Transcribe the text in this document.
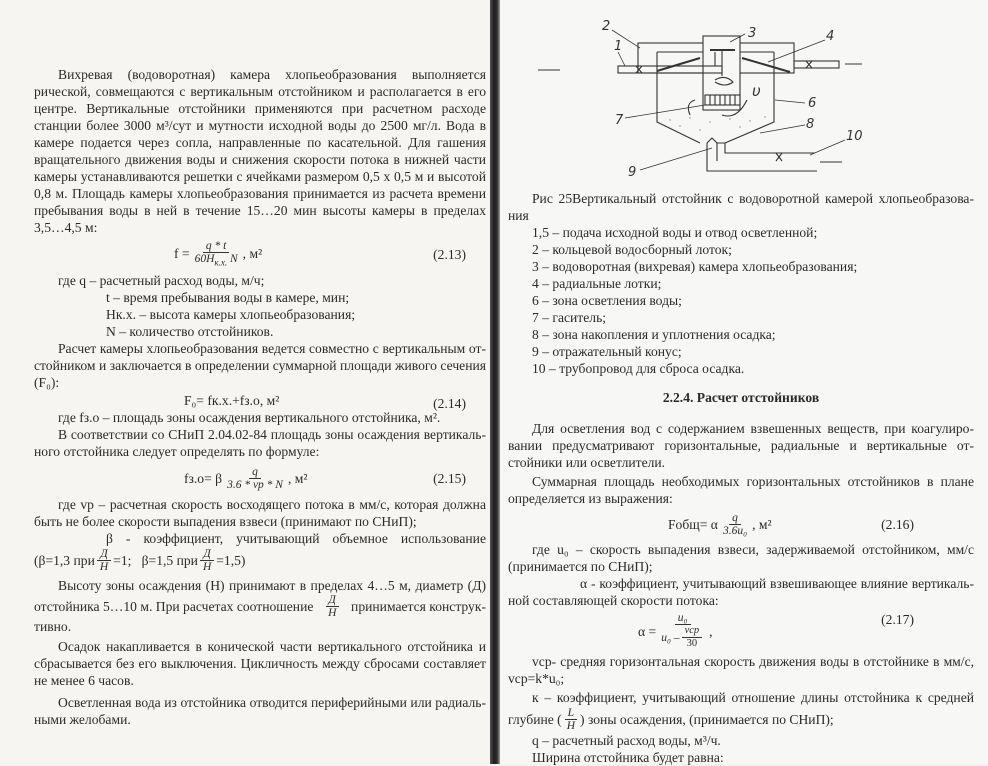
Вихревая (водоворотная) камера хлопьеобразования выполняется
рической, совмещаются с вертикальным отстойником и располагается в его
центре. Вертикальные отстойники применяются при расчетном расходе
станции более 3000 м³/сут и мутности исходной воды до 2500 мг/л. Вода в
камере подается через сопла, направленные по касательной. Для гашения
вращательного движения воды и снижения скорости потока в нижней части
камеры устанавливаются решетки с ячейками размером 0,5 х 0,5 м и высотой
0,8 м. Площадь камеры хлопьеобразования принимается из расчета времени
пребывания воды в ней в течение 15…20 мин высоты камеры в пределах
3,5…4,5 м:
$f = \frac{q * t}{60H_{к.х.} N}$ , м²	(2.13)
где q – расчетный расход воды, м/ч;
t – время пребывания воды в камере, мин;
Hк.х. – высота камеры хлопьеобразования;
N – количество отстойников.
Расчет камеры хлопьеобразования ведется совместно с вертикальным от-
стойником и заключается в определении суммарной площади живого сечения
(F₀):
F₀= fк.х.+fз.о, м²	(2.14)
где fз.о – площадь зоны осаждения вертикального отстойника, м².
В соответствии со СНиП 2.04.02-84 площадь зоны осаждения вертикаль-
ного отстойника следует определять по формуле:
fз.о= β $\frac{q}{3.6 * vр * N}$ , м²	(2.15)
где vр – расчетная скорость восходящего потока в мм/с, которая должна
быть не более скорости выпадения взвеси (принимают по СНиП);
β - коэффициент, учитывающий объемное использование
(β=1,3 при $\frac{Д}{Н} =1$;   β=1,5 при $\frac{Д}{Н} =1,5$)
Высоту зоны осаждения (Н) принимают в пределах 4…5 м, диаметр (Д)
отстойника 5…10 м. При расчетах соотношение $\frac{Д}{Н}$ принимается конструк-
тивно.
Осадок накапливается в конической части вертикального отстойника и
сбрасывается без его выключения. Цикличность между сбросами составляет
не менее 6 часов.
Осветленная вода из отстойника отводится периферийными или радиаль-
ными желобами.
Рис 25Вертикальный отстойник с водоворотной камерой хлопьеобразова-
ния
1,5 – подача исходной воды и отвод осветленной;
2 – кольцевой водосборный лоток;
3 – водоворотная (вихревая) камера хлопьеобразования;
4 – радиальные лотки;
6 – зона осветления воды;
7 – гаситель;
8 – зона накопления и уплотнения осадка;
9 – отражательный конус;
10 – трубопровод для сброса осадка.
2.2.4. Расчет отстойников
Для осветления вод с содержанием взвешенных веществ, при коагулиро-
вании предусматривают горизонтальные, радиальные и вертикальные от-
стойники или осветлители.
Суммарная площадь необходимых горизонтальных отстойников в плане
определяется из выражения:
Fобщ= α $\frac{q}{\text{3.6u₀}}$ , м²	(2.16)
где u₀ – скорость выпадения взвеси, задерживаемой отстойником, мм/с
(принимается по СНиП);
α - коэффициент, учитывающий взвешивающее влияние вертикаль-
ной составляющей скорости потока:
$\alpha = \frac{\text{u₀}}{u_0 - \frac{\text{vср}}{30}}$ ,
(2.17)
vср- средняя горизонтальная скорость движения воды в отстойнике в мм/с,
vср=k*u₀;
к – коэффициент, учитывающий отношение длины отстойника к средней
глубине ( $\frac{L}{H}$ ) зоны осаждения, (принимается по СНиП);
q – расчетный расход воды, м³/ч.
Ширина отстойника будет равна:
1
2	3	4
6
7	8
9
10
υ
